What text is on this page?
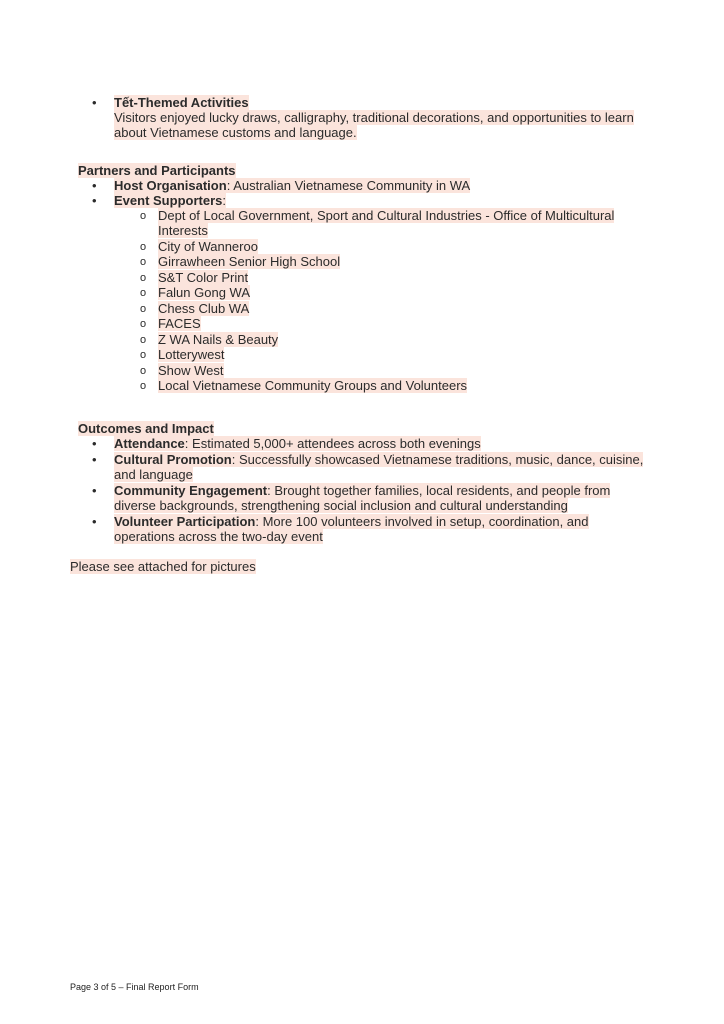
• Tết-Themed Activities
Visitors enjoyed lucky draws, calligraphy, traditional decorations, and opportunities to learn
about Vietnamese customs and language.
Partners and Participants
• Host Organisation: Australian Vietnamese Community in WA
• Event Supporters:
o Dept of Local Government, Sport and Cultural Industries - Office of Multicultural
Interests
o City of Wanneroo
o Girrawheen Senior High School
o S&T Color Print
o Falun Gong WA
o Chess Club WA
o FACES
o Z WA Nails & Beauty
o Lotterywest
o Show West
o Local Vietnamese Community Groups and Volunteers
Outcomes and Impact
• Attendance: Estimated 5,000+ attendees across both evenings
• Cultural Promotion: Successfully showcased Vietnamese traditions, music, dance, cuisine,
and language
• Community Engagement: Brought together families, local residents, and people from
diverse backgrounds, strengthening social inclusion and cultural understanding
• Volunteer Participation: More 100 volunteers involved in setup, coordination, and
operations across the two-day event
Please see attached for pictures
Page 3 of 5 – Final Report Form
